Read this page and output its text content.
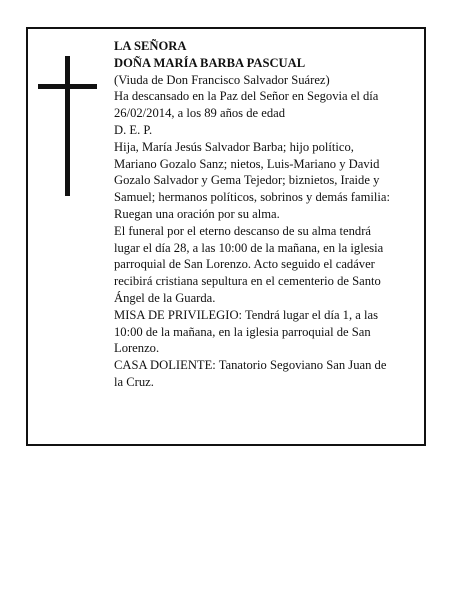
LA SEÑORA
DOÑA MARÍA BARBA PASCUAL
(Viuda de Don Francisco Salvador Suárez)
Ha descansado en la Paz del Señor en Segovia el día
26/02/2014, a los 89 años de edad
D. E. P.
Hija, María Jesús Salvador Barba; hijo político,
Mariano Gozalo Sanz; nietos, Luis-Mariano y David
Gozalo Salvador y Gema Tejedor; biznietos, Iraide y
Samuel; hermanos políticos, sobrinos y demás familia:
Ruegan una oración por su alma.
El funeral por el eterno descanso de su alma tendrá
lugar el día 28, a las 10:00 de la mañana, en la iglesia
parroquial de San Lorenzo. Acto seguido el cadáver
recibirá cristiana sepultura en el cementerio de Santo
Ángel de la Guarda.
MISA DE PRIVILEGIO: Tendrá lugar el día 1, a las
10:00 de la mañana, en la iglesia parroquial de San
Lorenzo.
CASA DOLIENTE: Tanatorio Segoviano San Juan de
la Cruz.
